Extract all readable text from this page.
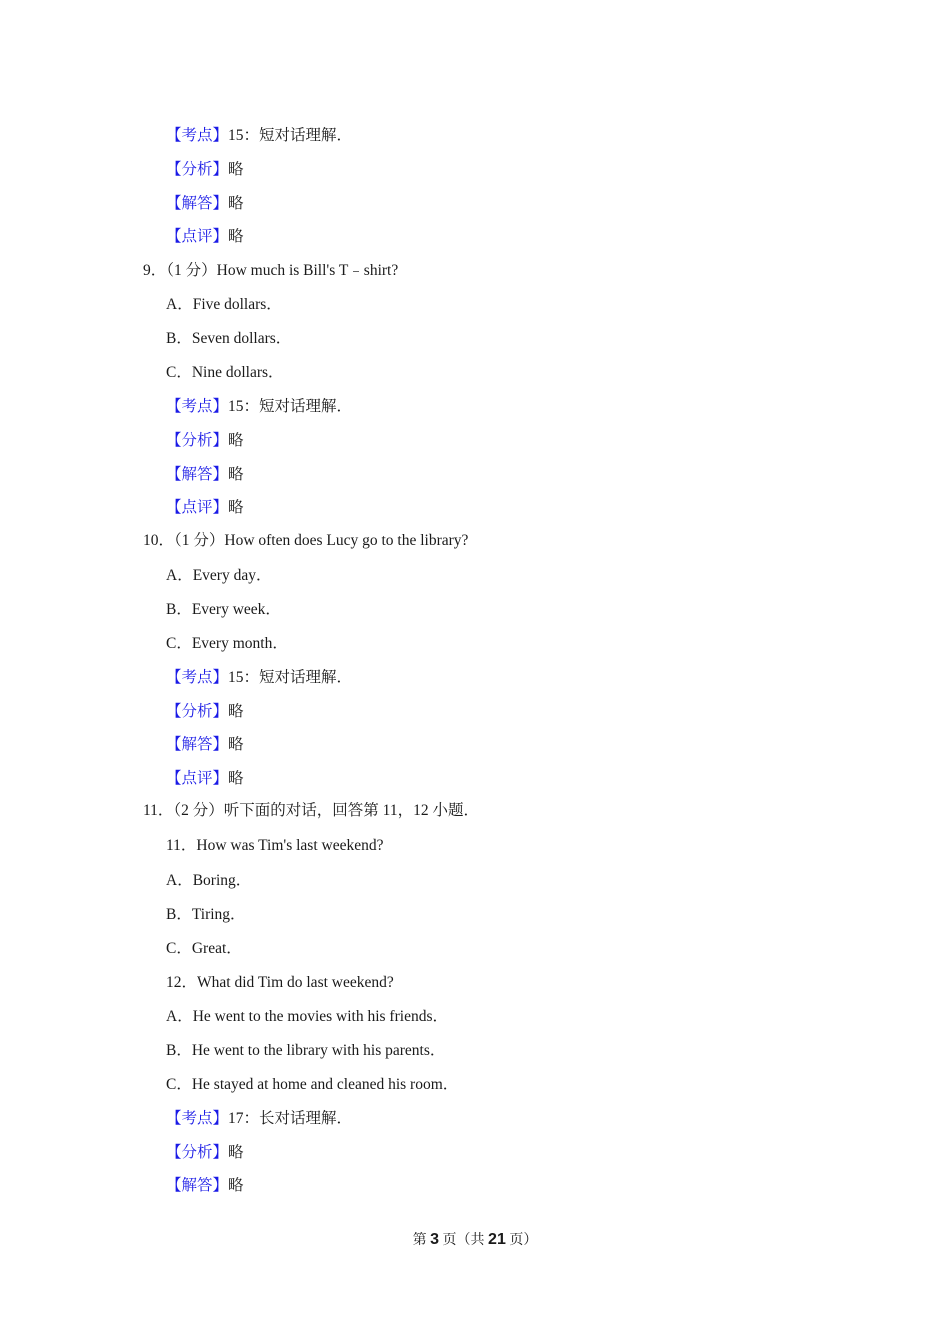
【考点】15：短对话理解．
【分析】略
【解答】略
【点评】略
9．（1 分）How much is Bill's T﹣shirt?
A．Five dollars．
B．Seven dollars．
C．Nine dollars．
【考点】15：短对话理解．
【分析】略
【解答】略
【点评】略
10．（1 分）How often does Lucy go to the library?
A．Every day．
B．Every week．
C．Every month．
【考点】15：短对话理解．
【分析】略
【解答】略
【点评】略
11．（2 分）听下面的对话，回答第 11，12 小题．
11．How was Tim's last weekend?
A．Boring．
B．Tiring．
C．Great．
12．What did Tim do last weekend?
A．He went to the movies with his friends．
B．He went to the library with his parents．
C．He stayed at home and cleaned his room．
【考点】17：长对话理解．
【分析】略
【解答】略
第 3 页（共 21 页）
